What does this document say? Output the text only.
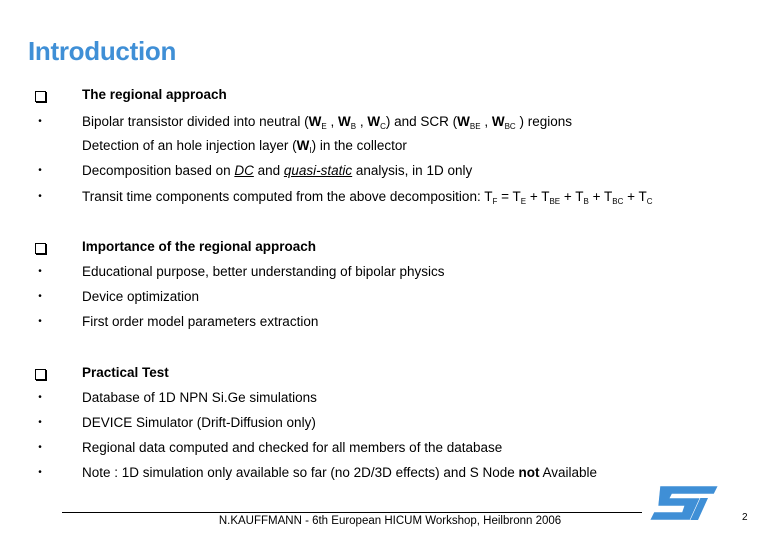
Introduction
The regional approach
•	Bipolar transistor divided into neutral ($W_E$ , $W_B$ , $W_C$) and SCR ($W_{BE}$ , $W_{BC}$ ) regions
Detection of an hole injection layer $(W_I)$ in the collector
•	Decomposition based on DC and quasi-static analysis, in 1D only
•	Transit time components computed from the above decomposition: $T_F = T_E + T_{BE} + T_B + T_{BC} + T_C$
Importance of the regional approach
•	Educational purpose, better understanding of bipolar physics
•	Device optimization
•	First order model parameters extraction
Practical Test
•	Database of 1D NPN Si.Ge simulations
•	DEVICE Simulator (Drift-Diffusion only)
•	Regional data computed and checked for all members of the database
•	Note : 1D simulation only available so far (no 2D/3D effects) and S Node not Available
N.KAUFFMANN - 6th European HICUM Workshop, Heilbronn 2006	2
